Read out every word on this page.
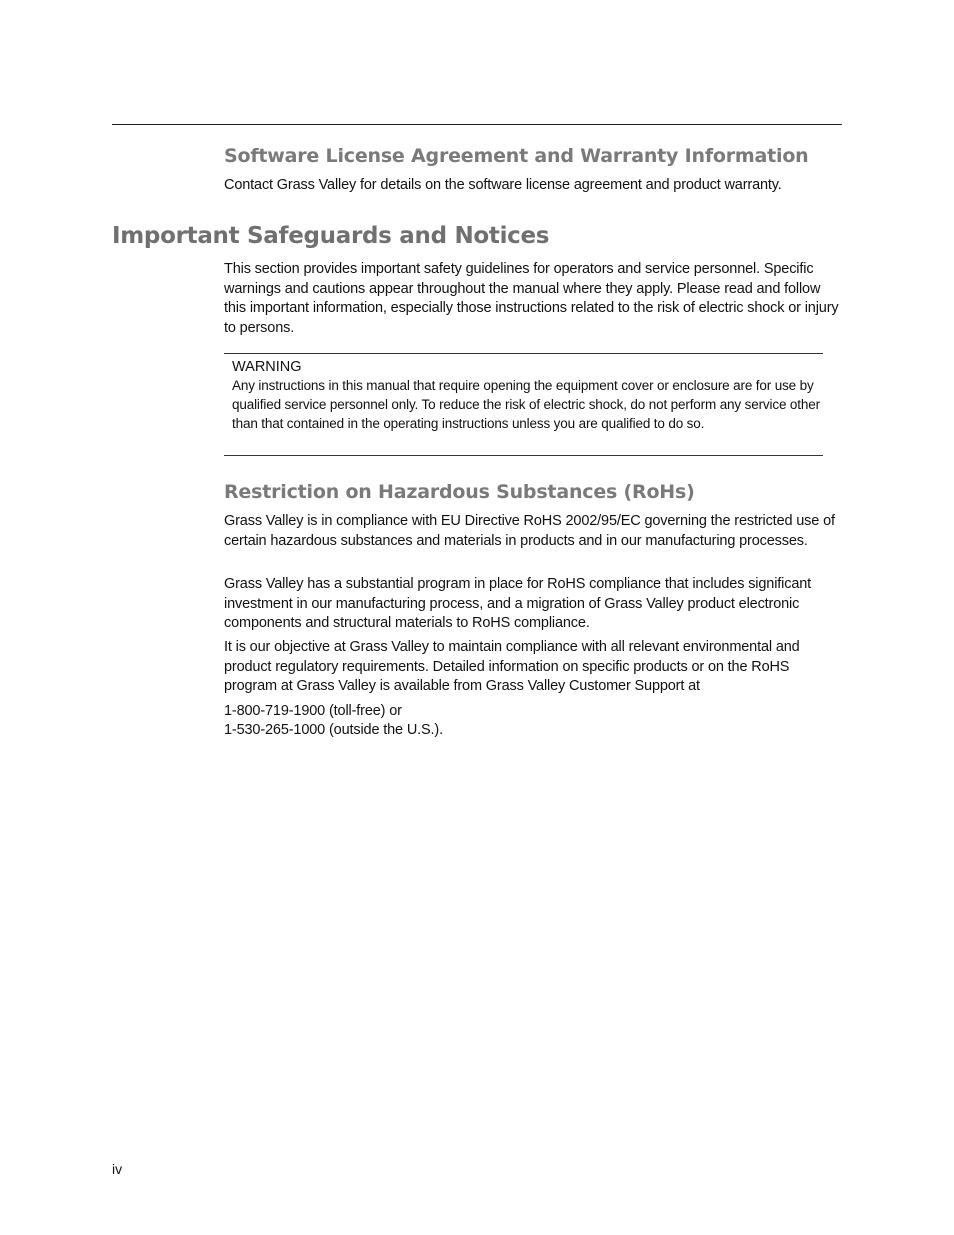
Software License Agreement and Warranty Information

Contact Grass Valley for details on the software license agreement and product warranty.

Important Safeguards and Notices

This section provides important safety guidelines for operators and service personnel. Specific warnings and cautions appear throughout the manual where they apply. Please read and follow this important information, especially those instructions related to the risk of electric shock or injury to persons.

WARNING

Any instructions in this manual that require opening the equipment cover or enclosure are for use by qualified service personnel only. To reduce the risk of electric shock, do not perform any service other than that contained in the operating instructions unless you are qualified to do so.

Restriction on Hazardous Substances (RoHs)

Grass Valley is in compliance with EU Directive RoHS 2002/95/EC governing the restricted use of certain hazardous substances and materials in products and in our manufacturing processes.

Grass Valley has a substantial program in place for RoHS compliance that includes significant investment in our manufacturing process, and a migration of Grass Valley product electronic components and structural materials to RoHS compliance.

It is our objective at Grass Valley to maintain compliance with all relevant environmental and product regulatory requirements. Detailed information on specific products or on the RoHS program at Grass Valley is available from Grass Valley Customer Support at

1-800-719-1900 (toll-free) or

1-530-265-1000 (outside the U.S.).

iv
